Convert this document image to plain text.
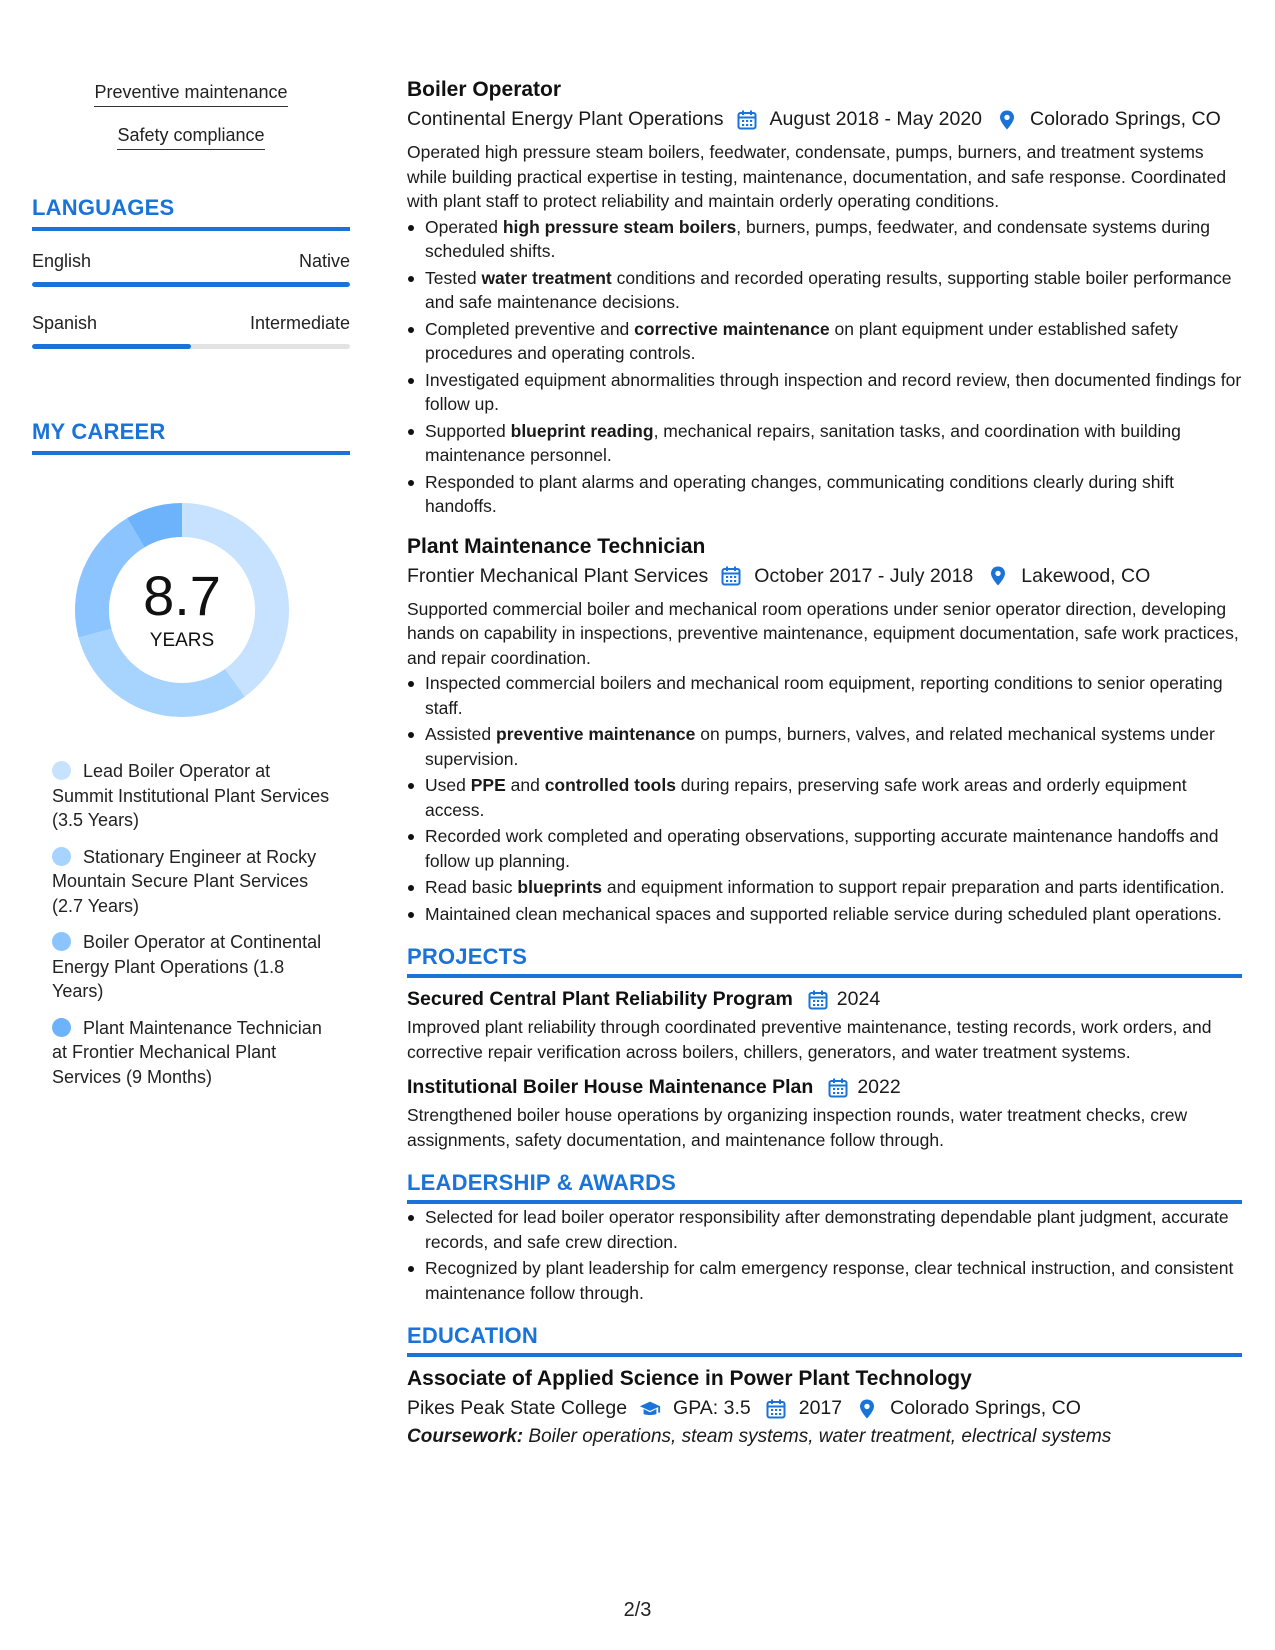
Preventive maintenance
Safety compliance
LANGUAGES
English	Native
Spanish	Intermediate
MY CAREER
8.7
YEARS
Lead Boiler Operator at Summit Institutional Plant Services (3.5 Years)
Stationary Engineer at Rocky Mountain Secure Plant Services (2.7 Years)
Boiler Operator at Continental Energy Plant Operations (1.8 Years)
Plant Maintenance Technician at Frontier Mechanical Plant Services (9 Months)
Boiler Operator
Continental Energy Plant Operations August 2018 - May 2020 Colorado Springs, CO
Operated high pressure steam boilers, feedwater, condensate, pumps, burners, and treatment systems while building practical expertise in testing, maintenance, documentation, and safe response. Coordinated with plant staff to protect reliability and maintain orderly operating conditions.
Operated high pressure steam boilers, burners, pumps, feedwater, and condensate systems during scheduled shifts.
Tested water treatment conditions and recorded operating results, supporting stable boiler performance and safe maintenance decisions.
Completed preventive and corrective maintenance on plant equipment under established safety procedures and operating controls.
Investigated equipment abnormalities through inspection and record review, then documented findings for follow up.
Supported blueprint reading, mechanical repairs, sanitation tasks, and coordination with building maintenance personnel.
Responded to plant alarms and operating changes, communicating conditions clearly during shift handoffs.
Plant Maintenance Technician
Frontier Mechanical Plant Services October 2017 - July 2018 Lakewood, CO
Supported commercial boiler and mechanical room operations under senior operator direction, developing hands on capability in inspections, preventive maintenance, equipment documentation, safe work practices, and repair coordination.
Inspected commercial boilers and mechanical room equipment, reporting conditions to senior operating staff.
Assisted preventive maintenance on pumps, burners, valves, and related mechanical systems under supervision.
Used PPE and controlled tools during repairs, preserving safe work areas and orderly equipment access.
Recorded work completed and operating observations, supporting accurate maintenance handoffs and follow up planning.
Read basic blueprints and equipment information to support repair preparation and parts identification.
Maintained clean mechanical spaces and supported reliable service during scheduled plant operations.
PROJECTS
Secured Central Plant Reliability Program 2024
Improved plant reliability through coordinated preventive maintenance, testing records, work orders, and corrective repair verification across boilers, chillers, generators, and water treatment systems.
Institutional Boiler House Maintenance Plan 2022
Strengthened boiler house operations by organizing inspection rounds, water treatment checks, crew assignments, safety documentation, and maintenance follow through.
LEADERSHIP & AWARDS
Selected for lead boiler operator responsibility after demonstrating dependable plant judgment, accurate records, and safe crew direction.
Recognized by plant leadership for calm emergency response, clear technical instruction, and consistent maintenance follow through.
EDUCATION
Associate of Applied Science in Power Plant Technology
Pikes Peak State College GPA: 3.5 2017 Colorado Springs, CO
Coursework: Boiler operations, steam systems, water treatment, electrical systems
2/3
